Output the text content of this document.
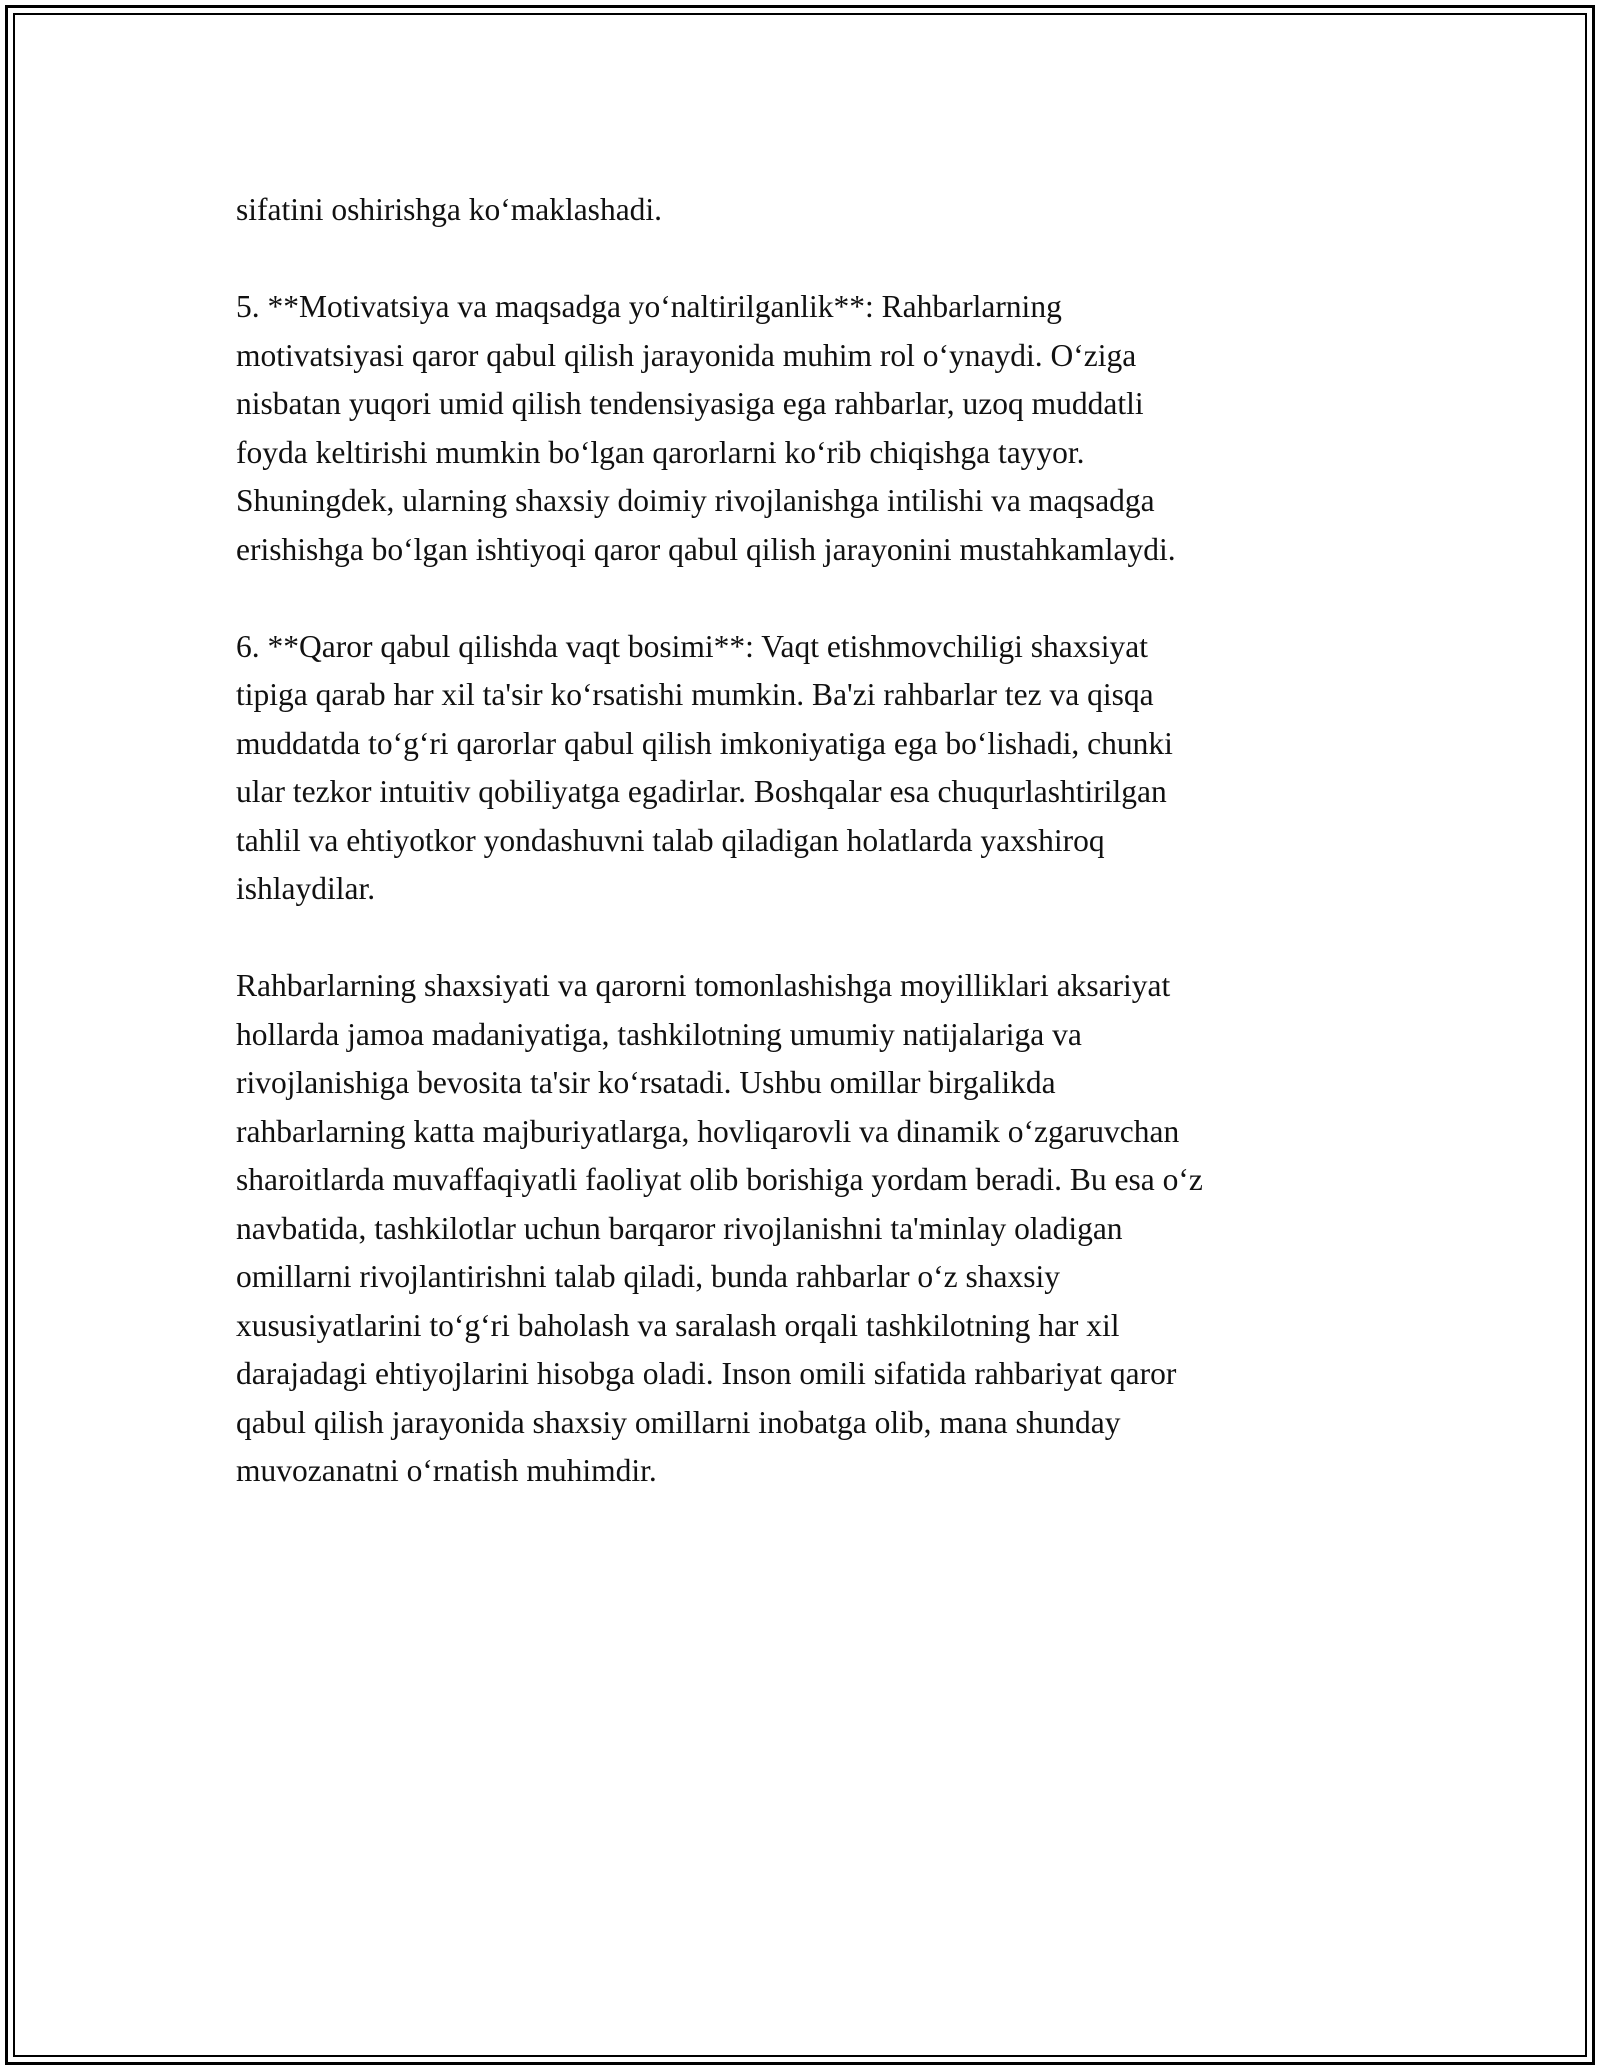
sifatini oshirishga ko‘maklashadi.

5. **Motivatsiya va maqsadga yo‘naltirilganlik**: Rahbarlarning
motivatsiyasi qaror qabul qilish jarayonida muhim rol o‘ynaydi. O‘ziga
nisbatan yuqori umid qilish tendensiyasiga ega rahbarlar, uzoq muddatli
foyda keltirishi mumkin bo‘lgan qarorlarni ko‘rib chiqishga tayyor.
Shuningdek, ularning shaxsiy doimiy rivojlanishga intilishi va maqsadga
erishishga bo‘lgan ishtiyoqi qaror qabul qilish jarayonini mustahkamlaydi.

6. **Qaror qabul qilishda vaqt bosimi**: Vaqt etishmovchiligi shaxsiyat
tipiga qarab har xil ta'sir ko‘rsatishi mumkin. Ba'zi rahbarlar tez va qisqa
muddatda to‘g‘ri qarorlar qabul qilish imkoniyatiga ega bo‘lishadi, chunki
ular tezkor intuitiv qobiliyatga egadirlar. Boshqalar esa chuqurlashtirilgan
tahlil va ehtiyotkor yondashuvni talab qiladigan holatlarda yaxshiroq
ishlaydilar.

Rahbarlarning shaxsiyati va qarorni tomonlashishga moyilliklari aksariyat
hollarda jamoa madaniyatiga, tashkilotning umumiy natijalariga va
rivojlanishiga bevosita ta'sir ko‘rsatadi. Ushbu omillar birgalikda
rahbarlarning katta majburiyatlarga, hovliqarovli va dinamik o‘zgaruvchan
sharoitlarda muvaffaqiyatli faoliyat olib borishiga yordam beradi. Bu esa o‘z
navbatida, tashkilotlar uchun barqaror rivojlanishni ta'minlay oladigan
omillarni rivojlantirishni talab qiladi, bunda rahbarlar o‘z shaxsiy
xususiyatlarini to‘g‘ri baholash va saralash orqali tashkilotning har xil
darajadagi ehtiyojlarini hisobga oladi. Inson omili sifatida rahbariyat qaror
qabul qilish jarayonida shaxsiy omillarni inobatga olib, mana shunday
muvozanatni o‘rnatish muhimdir.
